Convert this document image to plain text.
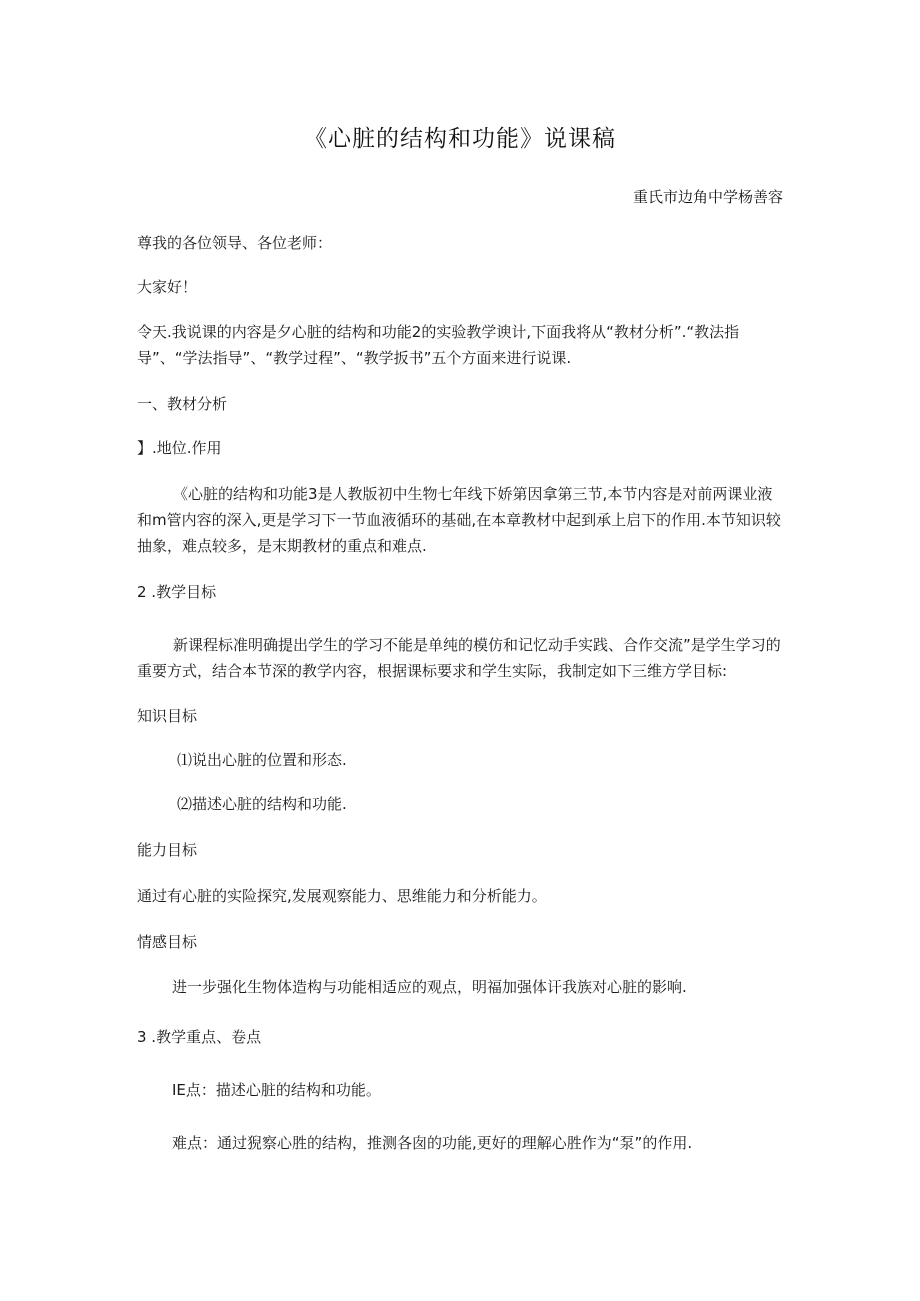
《心脏的结构和功能》说课稿
重氏市边角中学杨善容

尊我的各位领导、各位老师：

大家好！

令天.我说课的内容是夕心脏的结构和功能2的实验教学谀计,下面我将从“教材分析”.“教法指导”、“学法指导”、“教学过程”、“教学扳书”五个方面来进行说课.

一、教材分析

】.地位.作用

《心脏的结构和功能3是人教版初中生物七年线下娇第因拿第三节,本节内容是对前两课业液和m管内容的深入,更是学习下一节血液循环的基础,在本章教材中起到承上启下的作用.本节知识较抽象，难点较多，是末期教材的重点和难点.

2 .教学目标

新课程标准明确提出学生的学习不能是单纯的模仿和记忆动手实践、合作交流”是学生学习的重要方式，结合本节深的教学内容，根据课标要求和学生实际，我制定如下三维方学目标:

知识目标

⑴说出心脏的位置和形态.

⑵描述心脏的结构和功能.

能力目标

通过有心脏的实险探究,发展观察能力、思维能力和分析能力。

情感目标

进一步强化生物体造构与功能相适应的观点，明福加强体讦我族对心脏的影响.

3 .教学重点、卷点

IE点：描述心脏的结构和功能。

难点：通过猊察心胜的结构，推测各囱的功能,更好的理解心胜作为“泵”的作用.
